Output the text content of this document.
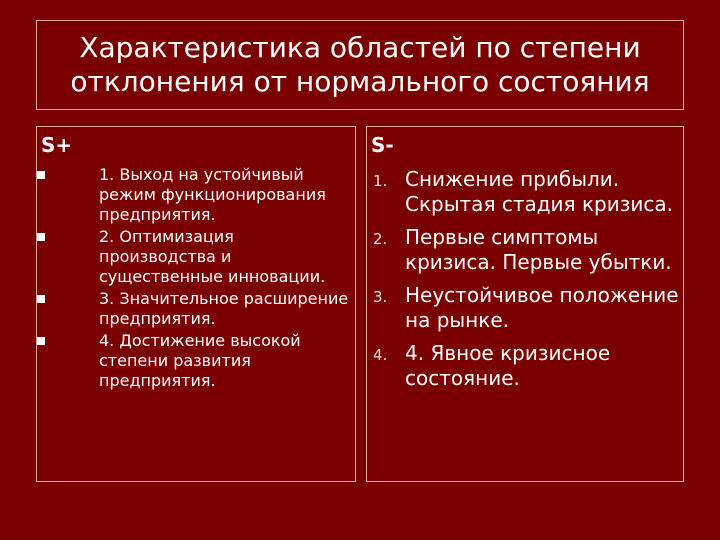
Характеристика областей по степени
отклонения от нормального состояния
S+
1. Выход на устойчивый режим функционирования предприятия.
2. Оптимизация производства и существенные инновации.
3. Значительное расширение предприятия.
4. Достижение высокой степени развития предприятия.
S-
1. Снижение прибыли. Скрытая стадия кризиса.
2. Первые симптомы кризиса. Первые убытки.
3. Неустойчивое положение на рынке.
4. 4. Явное кризисное состояние.
